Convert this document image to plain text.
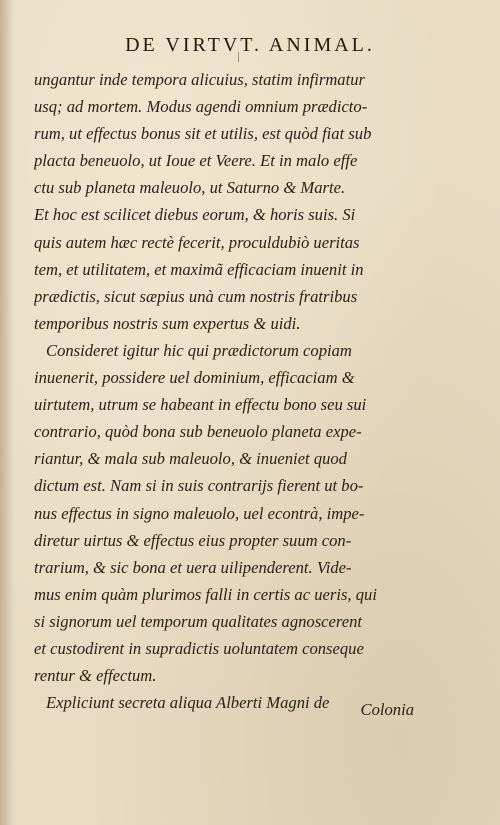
DE VIRTVT. ANIMAL.
ungantur inde tempora alicuius, statim infirmatur
usq; ad mortem. Modus agendi omnium prædicto-
rum, ut effectus bonus sit et utilis, est quòd fiat sub
placta beneuolo, ut Ioue et Veere. Et in malo effe
ctu sub planeta maleuolo, ut Saturno & Marte.
Et hoc est scilicet diebus eorum, & horis suis. Si
quis autem hæc rectè fecerit, proculdubiò ueritas
tem, et utilitatem, et maximã efficaciam inuenit in
prædictis, sicut sæpius unà cum nostris fratribus
temporibus nostris sum expertus & uidi.
Consideret igitur hic qui prædictorum copiam
inuenerit, possidere uel dominium, efficaciam &
uirtutem, utrum se habeant in effectu bono seu sui
contrario, quòd bona sub beneuolo planeta expe-
riantur, & mala sub maleuolo, & inueniet quod
dictum est. Nam si in suis contrarijs fierent ut bo-
nus effectus in signo maleuolo, uel econtrà, impe-
diretur uirtus & effectus eius propter suum con-
trarium, & sic bona et uera uilipenderent. Vide-
mus enim quàm plurimos falli in certis ac ueris, qui
si signorum uel temporum qualitates agnoscerent
et custodirent in supradictis uoluntatem conseque
rentur & effectum.
Expliciunt secreta aliqua Alberti Magni de	Colonia
